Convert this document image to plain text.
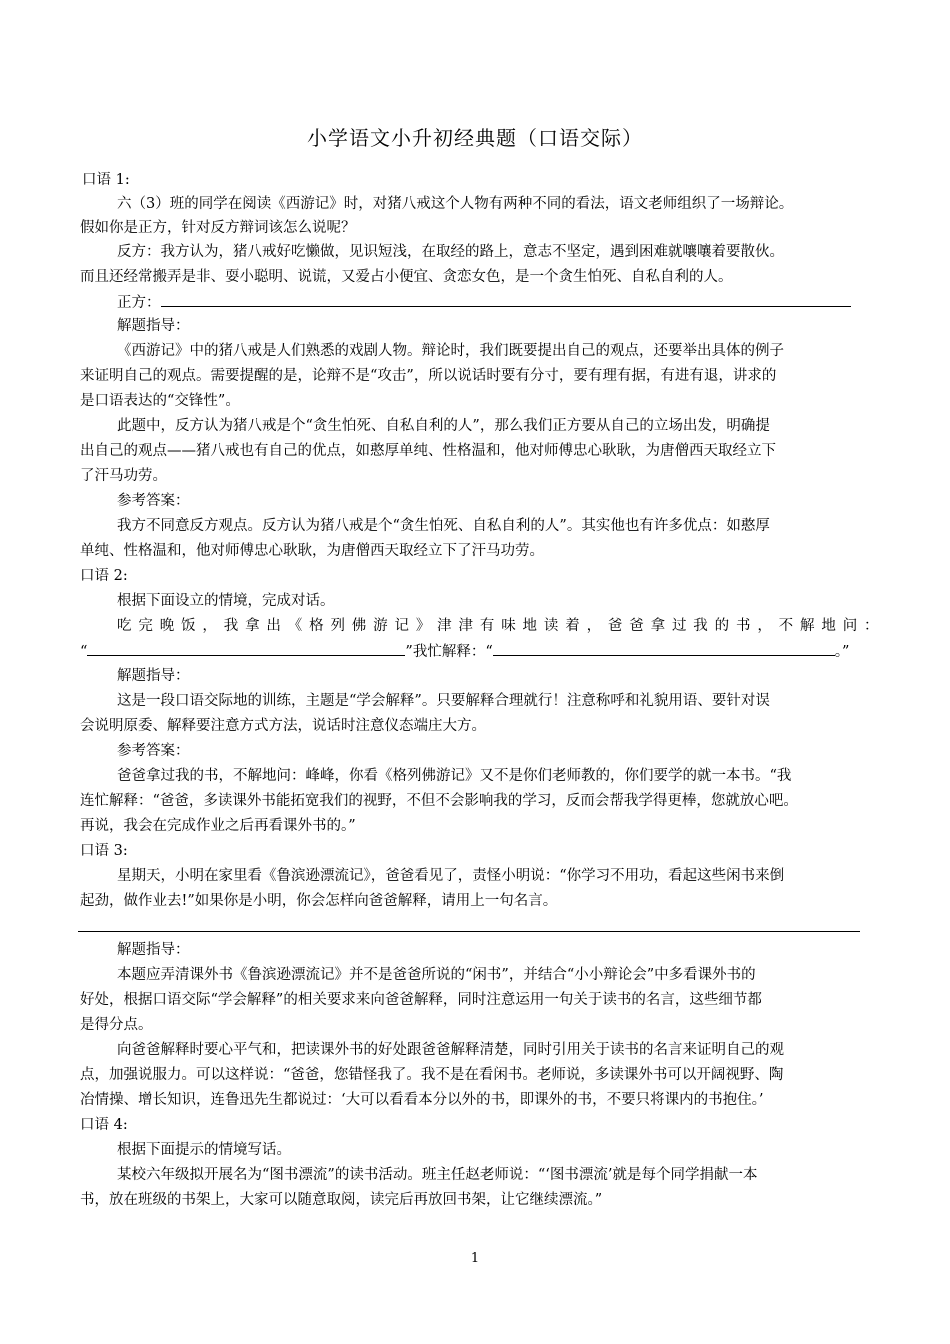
小学语文小升初经典题（口语交际）
口语 1:
六（3）班的同学在阅读《西游记》时，对猪八戒这个人物有两种不同的看法，语文老师组织了一场辩论。
假如你是正方，针对反方辩词该怎么说呢？
反方：我方认为，猪八戒好吃懒做，见识短浅，在取经的路上，意志不坚定，遇到困难就嚷嚷着要散伙。
而且还经常搬弄是非、耍小聪明、说谎，又爱占小便宜、贪恋女色，是一个贪生怕死、自私自利的人。
正方：
解题指导：
《西游记》中的猪八戒是人们熟悉的戏剧人物。辩论时，我们既要提出自己的观点，还要举出具体的例子
来证明自己的观点。需要提醒的是，论辩不是“攻击”，所以说话时要有分寸，要有理有据，有进有退，讲求的
是口语表达的“交锋性”。
此题中，反方认为猪八戒是个“贪生怕死、自私自利的人”，那么我们正方要从自己的立场出发，明确提
出自己的观点——猪八戒也有自己的优点，如憨厚单纯、性格温和，他对师傅忠心耿耿，为唐僧西天取经立下
了汗马功劳。
参考答案：
我方不同意反方观点。反方认为猪八戒是个“贪生怕死、自私自利的人”。其实他也有许多优点：如憨厚
单纯、性格温和，他对师傅忠心耿耿，为唐僧西天取经立下了汗马功劳。
口语 2:
根据下面设立的情境，完成对话。
吃 完 晚 饭 ， 我 拿 出 《 格 列 佛 游 记 》 津 津 有 味 地 读 着 ， 爸 爸 拿 过 我 的 书 ， 不 解 地 问 ：
“	”我忙解释：“	。”
解题指导：
这是一段口语交际地的训练，主题是“学会解释”。只要解释合理就行！注意称呼和礼貌用语、要针对误
会说明原委、解释要注意方式方法，说话时注意仪态端庄大方。
参考答案：
爸爸拿过我的书，不解地问：峰峰，你看《格列佛游记》又不是你们老师教的，你们要学的就一本书。“我
连忙解释：“爸爸，多读课外书能拓宽我们的视野，不但不会影响我的学习，反而会帮我学得更棒，您就放心吧。
再说，我会在完成作业之后再看课外书的。”
口语 3:
星期天，小明在家里看《鲁滨逊漂流记》，爸爸看见了，责怪小明说：“你学习不用功，看起这些闲书来倒
起劲，做作业去!”如果你是小明，你会怎样向爸爸解释，请用上一句名言。
解题指导：
本题应弄清课外书《鲁滨逊漂流记》并不是爸爸所说的“闲书”，并结合“小小辩论会”中多看课外书的
好处，根据口语交际“学会解释”的相关要求来向爸爸解释，同时注意运用一句关于读书的名言，这些细节都
是得分点。
向爸爸解释时要心平气和，把读课外书的好处跟爸爸解释清楚，同时引用关于读书的名言来证明自己的观
点，加强说服力。可以这样说：“爸爸，您错怪我了。我不是在看闲书。老师说，多读课外书可以开阔视野、陶
冶情操、增长知识，连鲁迅先生都说过：‘大可以看看本分以外的书，即课外的书，不要只将课内的书抱住。’
口语 4:
根据下面提示的情境写话。
某校六年级拟开展名为“图书漂流”的读书活动。班主任赵老师说：“‘图书漂流’就是每个同学捐献一本
书，放在班级的书架上，大家可以随意取阅，读完后再放回书架，让它继续漂流。”
1
